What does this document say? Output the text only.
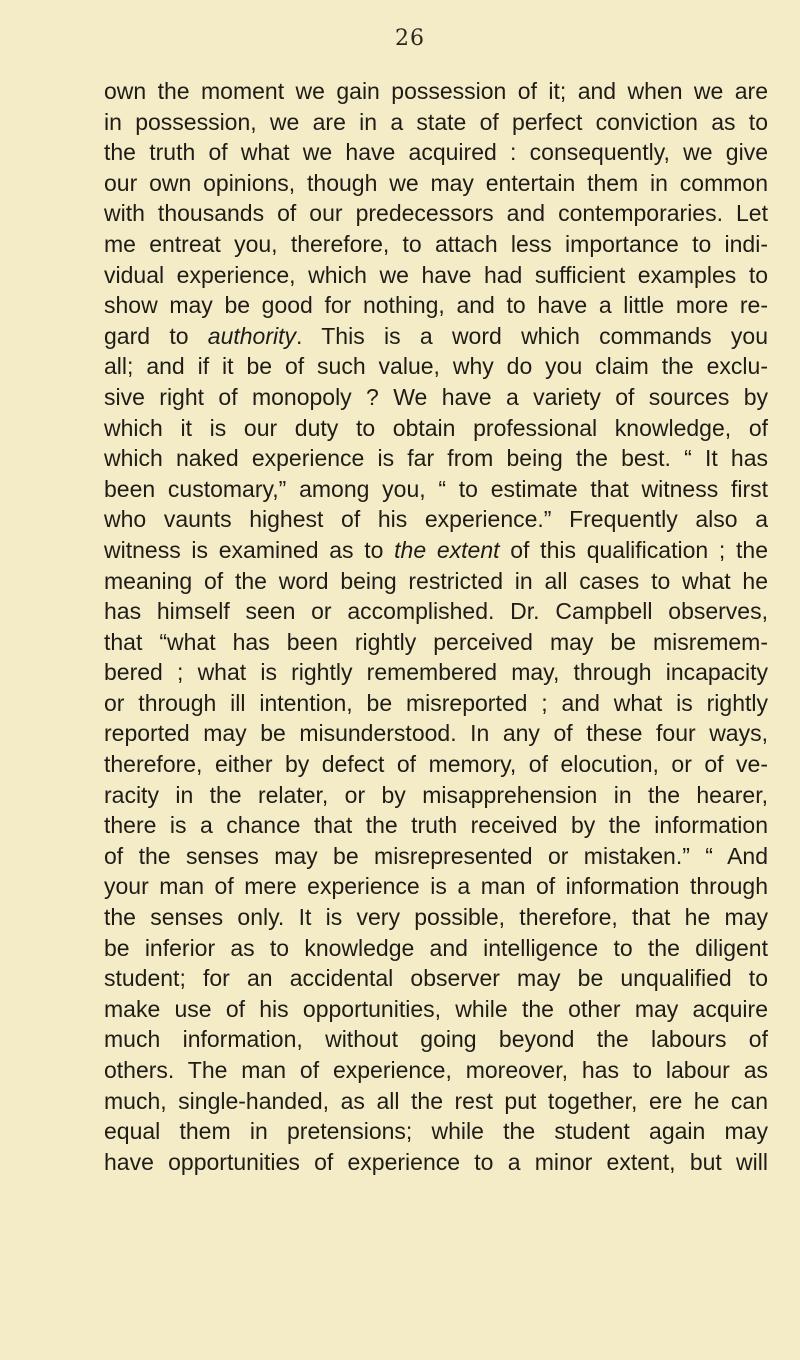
26
own the moment we gain possession of it; and when we are
in possession, we are in a state of perfect conviction as to
the truth of what we have acquired : consequently, we give
our own opinions, though we may entertain them in common
with thousands of our predecessors and contemporaries. Let
me entreat you, therefore, to attach less importance to indi-
vidual experience, which we have had sufficient examples to
show may be good for nothing, and to have a little more re-
gard to authority. This is a word which commands you
all; and if it be of such value, why do you claim the exclu-
sive right of monopoly ? We have a variety of sources by
which it is our duty to obtain professional knowledge, of
which naked experience is far from being the best. “ It has
been customary,” among you, “ to estimate that witness first
who vaunts highest of his experience.” Frequently also a
witness is examined as to the extent of this qualification ; the
meaning of the word being restricted in all cases to what he
has himself seen or accomplished. Dr. Campbell observes,
that “what has been rightly perceived may be misremem-
bered ; what is rightly remembered may, through incapacity
or through ill intention, be misreported ; and what is rightly
reported may be misunderstood. In any of these four ways,
therefore, either by defect of memory, of elocution, or of ve-
racity in the relater, or by misapprehension in the hearer,
there is a chance that the truth received by the information
of the senses may be misrepresented or mistaken.” “ And
your man of mere experience is a man of information through
the senses only. It is very possible, therefore, that he may
be inferior as to knowledge and intelligence to the diligent
student; for an accidental observer may be unqualified to
make use of his opportunities, while the other may acquire
much information, without going beyond the labours of
others. The man of experience, moreover, has to labour as
much, single-handed, as all the rest put together, ere he can
equal them in pretensions; while the student again may
have opportunities of experience to a minor extent, but will
